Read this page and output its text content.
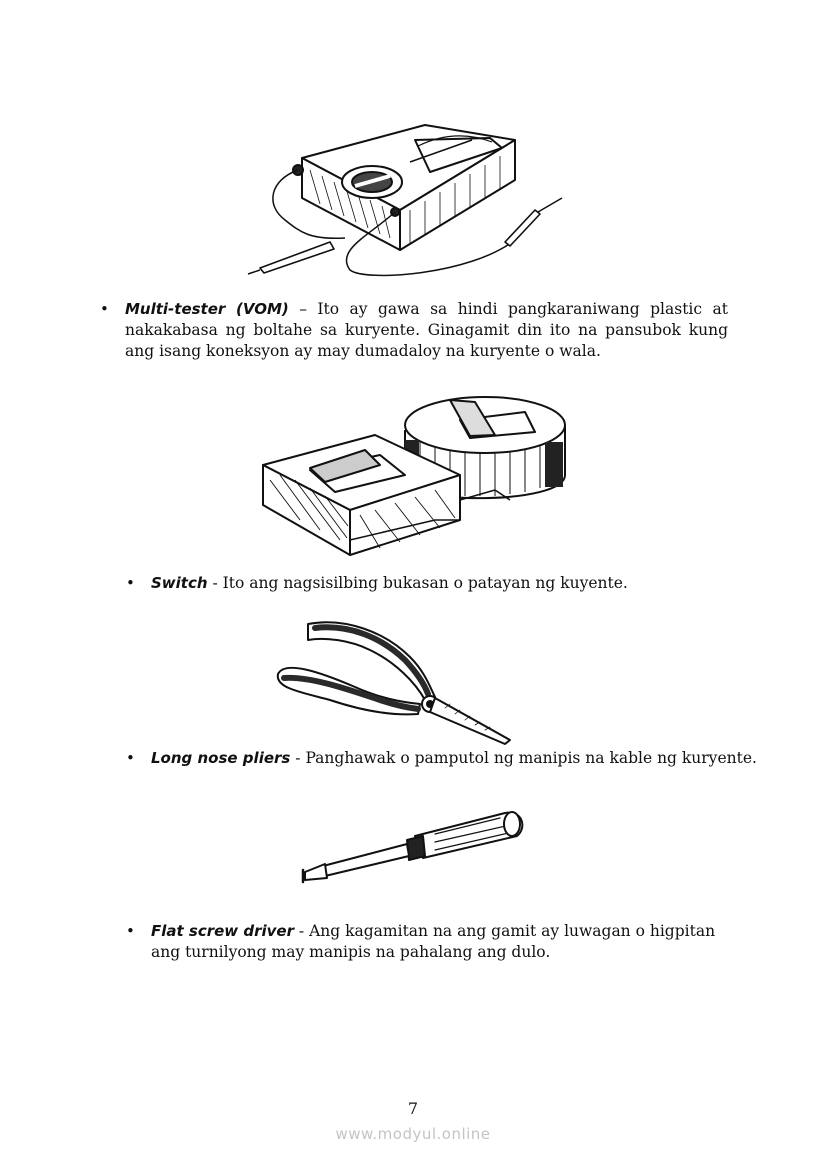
• Multi-tester (VOM) – Ito ay gawa sa hindi pangkaraniwang plastic at nakakabasa ng boltahe sa kuryente. Ginagamit din ito na pansubok kung ang isang koneksyon ay may dumadaloy na kuryente o wala.
• Switch - Ito ang nagsisilbing bukasan o patayan ng kuyente.
• Long nose pliers - Panghawak o pamputol ng manipis na kable ng kuryente.
• Flat screw driver - Ang kagamitan na ang gamit ay luwagan o higpitan ang turnilyong may manipis na pahalang ang dulo.
7
www.modyul.online
